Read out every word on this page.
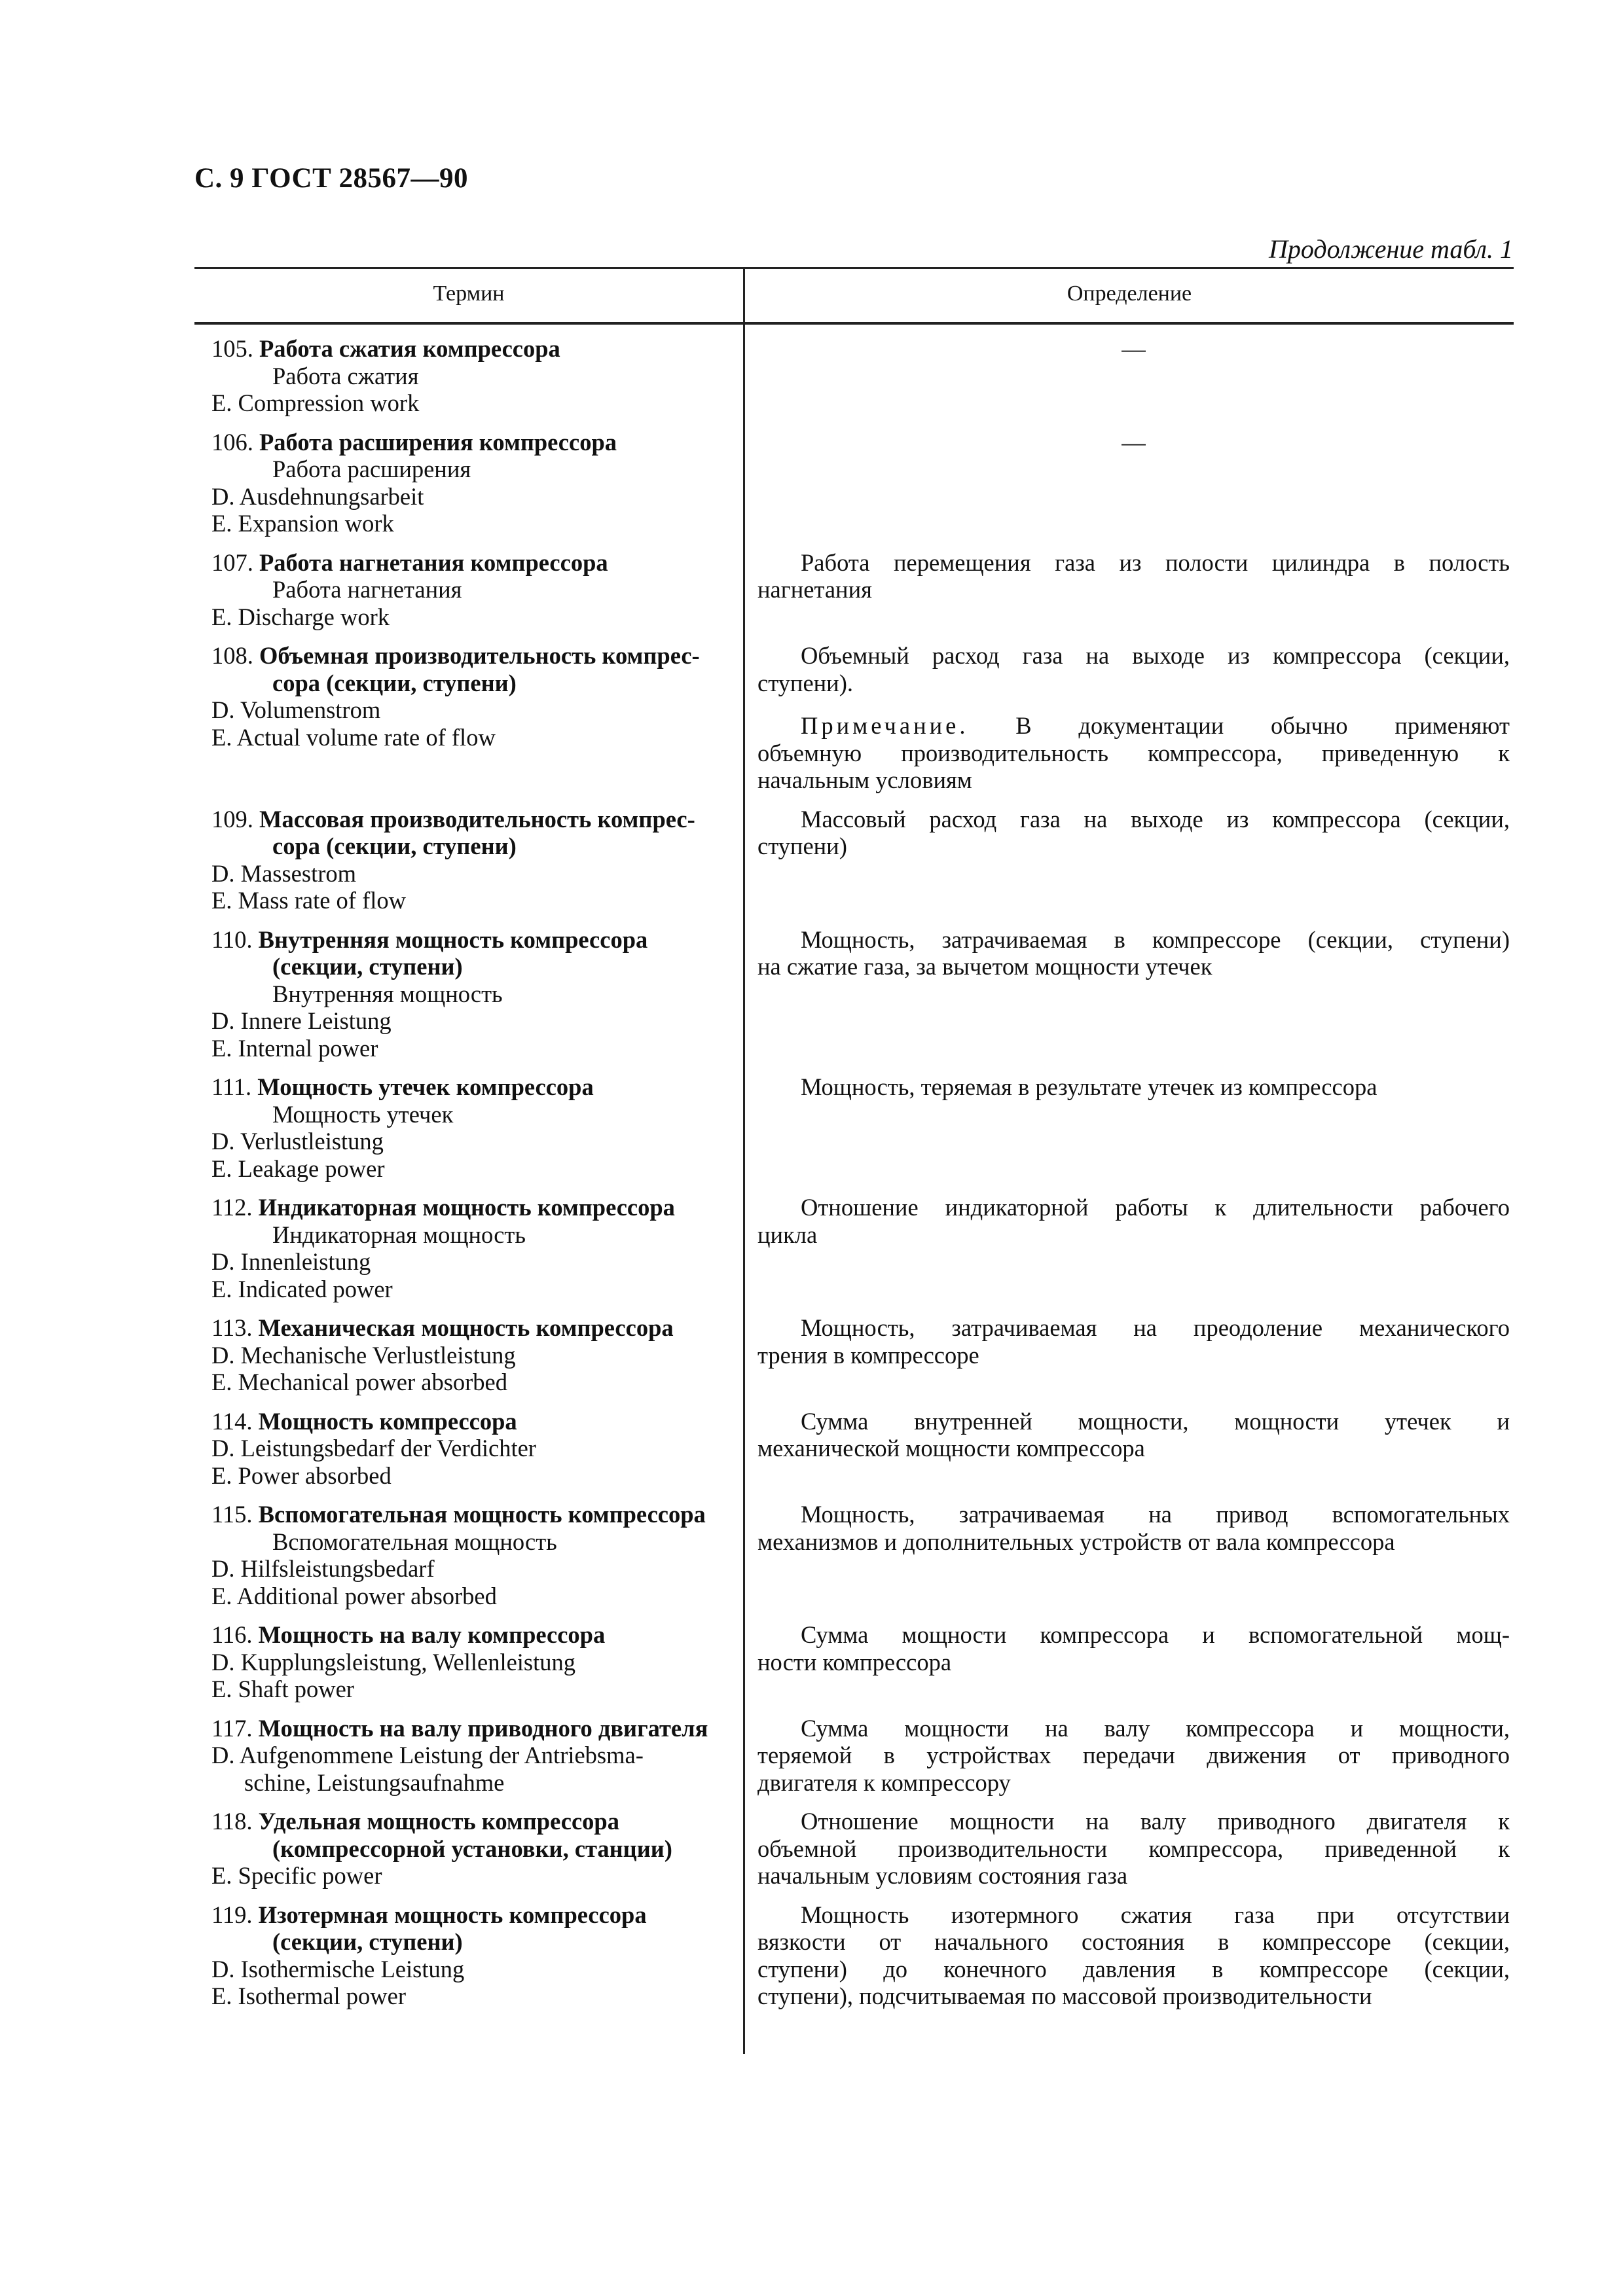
С. 9 ГОСТ 28567—90
Продолжение табл. 1
Термин	Определение
105. Работа сжатия компрессора
Работа сжатия
E. Compression work
—
106. Работа расширения компрессора
Работа расширения
D. Ausdehnungsarbeit
E. Expansion work
—
107. Работа нагнетания компрессора
Работа нагнетания
E. Discharge work
Работа перемещения газа из полости цилиндра в полость
нагнетания
108. Объемная производительность компрес-
сора (секции, ступени)
D. Volumenstrom
E. Actual volume rate of flow
Объемный расход газа на выходе из компрессора (секции,
ступени).
Примечание. В документации обычно применяют
объемную производительность компрессора, приведенную к
начальным условиям
109. Массовая производительность компрес-
сора (секции, ступени)
D. Massestrom
E. Mass rate of flow
Массовый расход газа на выходе из компрессора (секции,
ступени)
110. Внутренняя мощность компрессора
(секции, ступени)
Внутренняя мощность
D. Innere Leistung
E. Internal power
Мощность, затрачиваемая в компрессоре (секции, ступени)
на сжатие газа, за вычетом мощности утечек
111. Мощность утечек компрессора
Мощность утечек
D. Verlustleistung
E. Leakage power
Мощность, теряемая в результате утечек из компрессора
112. Индикаторная мощность компрессора
Индикаторная мощность
D. Innenleistung
E. Indicated power
Отношение индикаторной работы к длительности рабочего
цикла
113. Механическая мощность компрессора
D. Mechanische Verlustleistung
E. Mechanical power absorbed
Мощность, затрачиваемая на преодоление механического
трения в компрессоре
114. Мощность компрессора
D. Leistungsbedarf der Verdichter
E. Power absorbed
Сумма внутренней мощности, мощности утечек и
механической мощности компрессора
115. Вспомогательная мощность компрессора
Вспомогательная мощность
D. Hilfsleistungsbedarf
E. Additional power absorbed
Мощность, затрачиваемая на привод вспомогательных
механизмов и дополнительных устройств от вала компрессора
116. Мощность на валу компрессора
D. Kupplungsleistung, Wellenleistung
E. Shaft power
Сумма мощности компрессора и вспомогательной мощ-
ности компрессора
117. Мощность на валу приводного двигателя
D. Aufgenommene Leistung der Antriebsma-
schine, Leistungsaufnahme
Сумма мощности на валу компрессора и мощности,
теряемой в устройствах передачи движения от приводного
двигателя к компрессору
118. Удельная мощность компрессора
(компрессорной установки, станции)
E. Specific power
Отношение мощности на валу приводного двигателя к
объемной производительности компрессора, приведенной к
начальным условиям состояния газа
119. Изотермная мощность компрессора
(секции, ступени)
D. Isothermische Leistung
E. Isothermal power
Мощность изотермного сжатия газа при отсутствии
вязкости от начального состояния в компрессоре (секции,
ступени) до конечного давления в компрессоре (секции,
ступени), подсчитываемая по массовой производительности
